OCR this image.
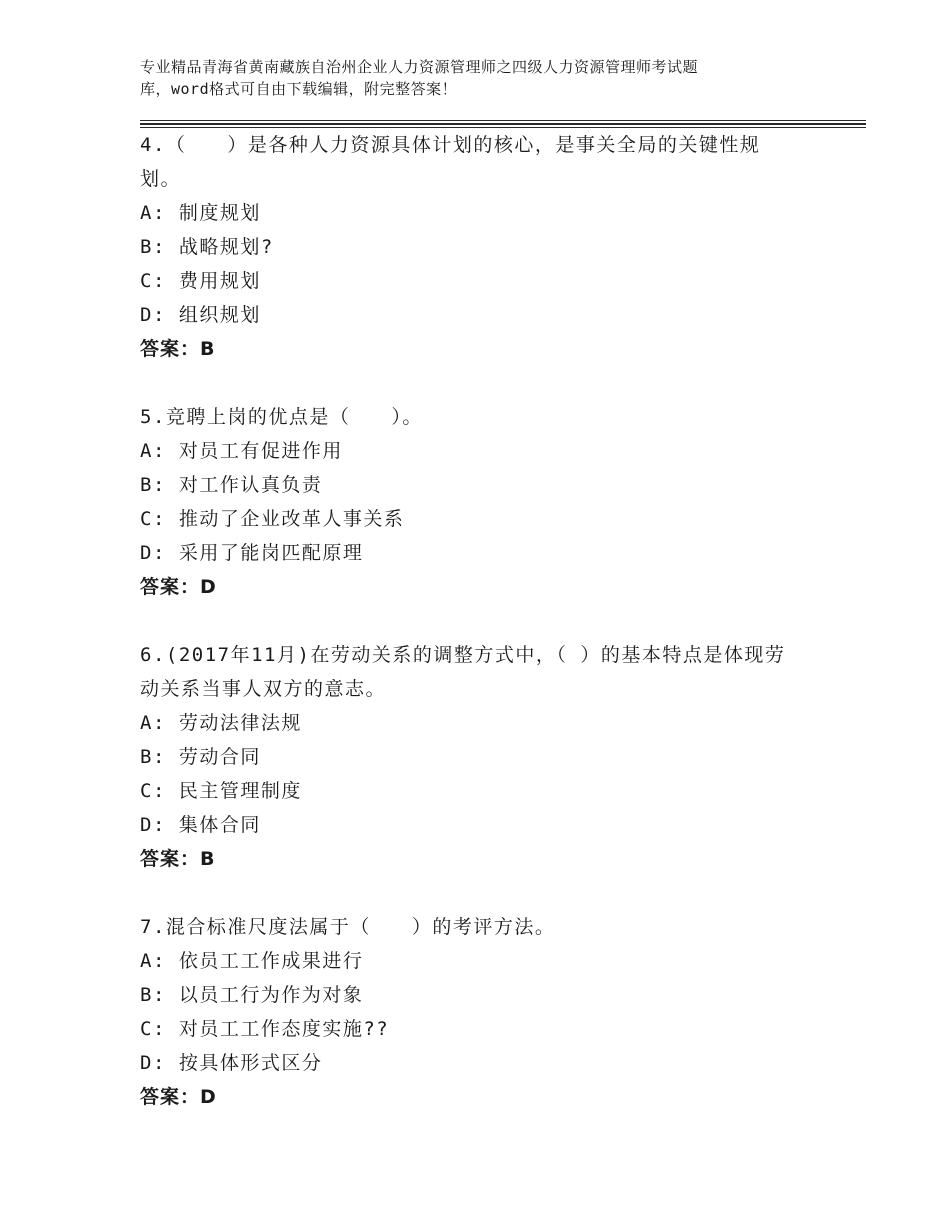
专业精品青海省黄南藏族自治州企业人力资源管理师之四级人力资源管理师考试题
库，word格式可自由下载编辑，附完整答案！
4.（　　）是各种人力资源具体计划的核心，是事关全局的关键性规划。
A: 制度规划
B: 战略规划?
C: 费用规划
D: 组织规划
答案：B
5.竞聘上岗的优点是（　　）。
A: 对员工有促进作用
B: 对工作认真负责
C: 推动了企业改革人事关系
D: 采用了能岗匹配原理
答案：D
6.(2017年11月)在劳动关系的调整方式中，（ ）的基本特点是体现劳动关系当事人双方的意志。
A: 劳动法律法规
B: 劳动合同
C: 民主管理制度
D: 集体合同
答案：B
7.混合标准尺度法属于（　　）的考评方法。
A: 依员工工作成果进行
B: 以员工行为作为对象
C: 对员工工作态度实施??
D: 按具体形式区分
答案：D
